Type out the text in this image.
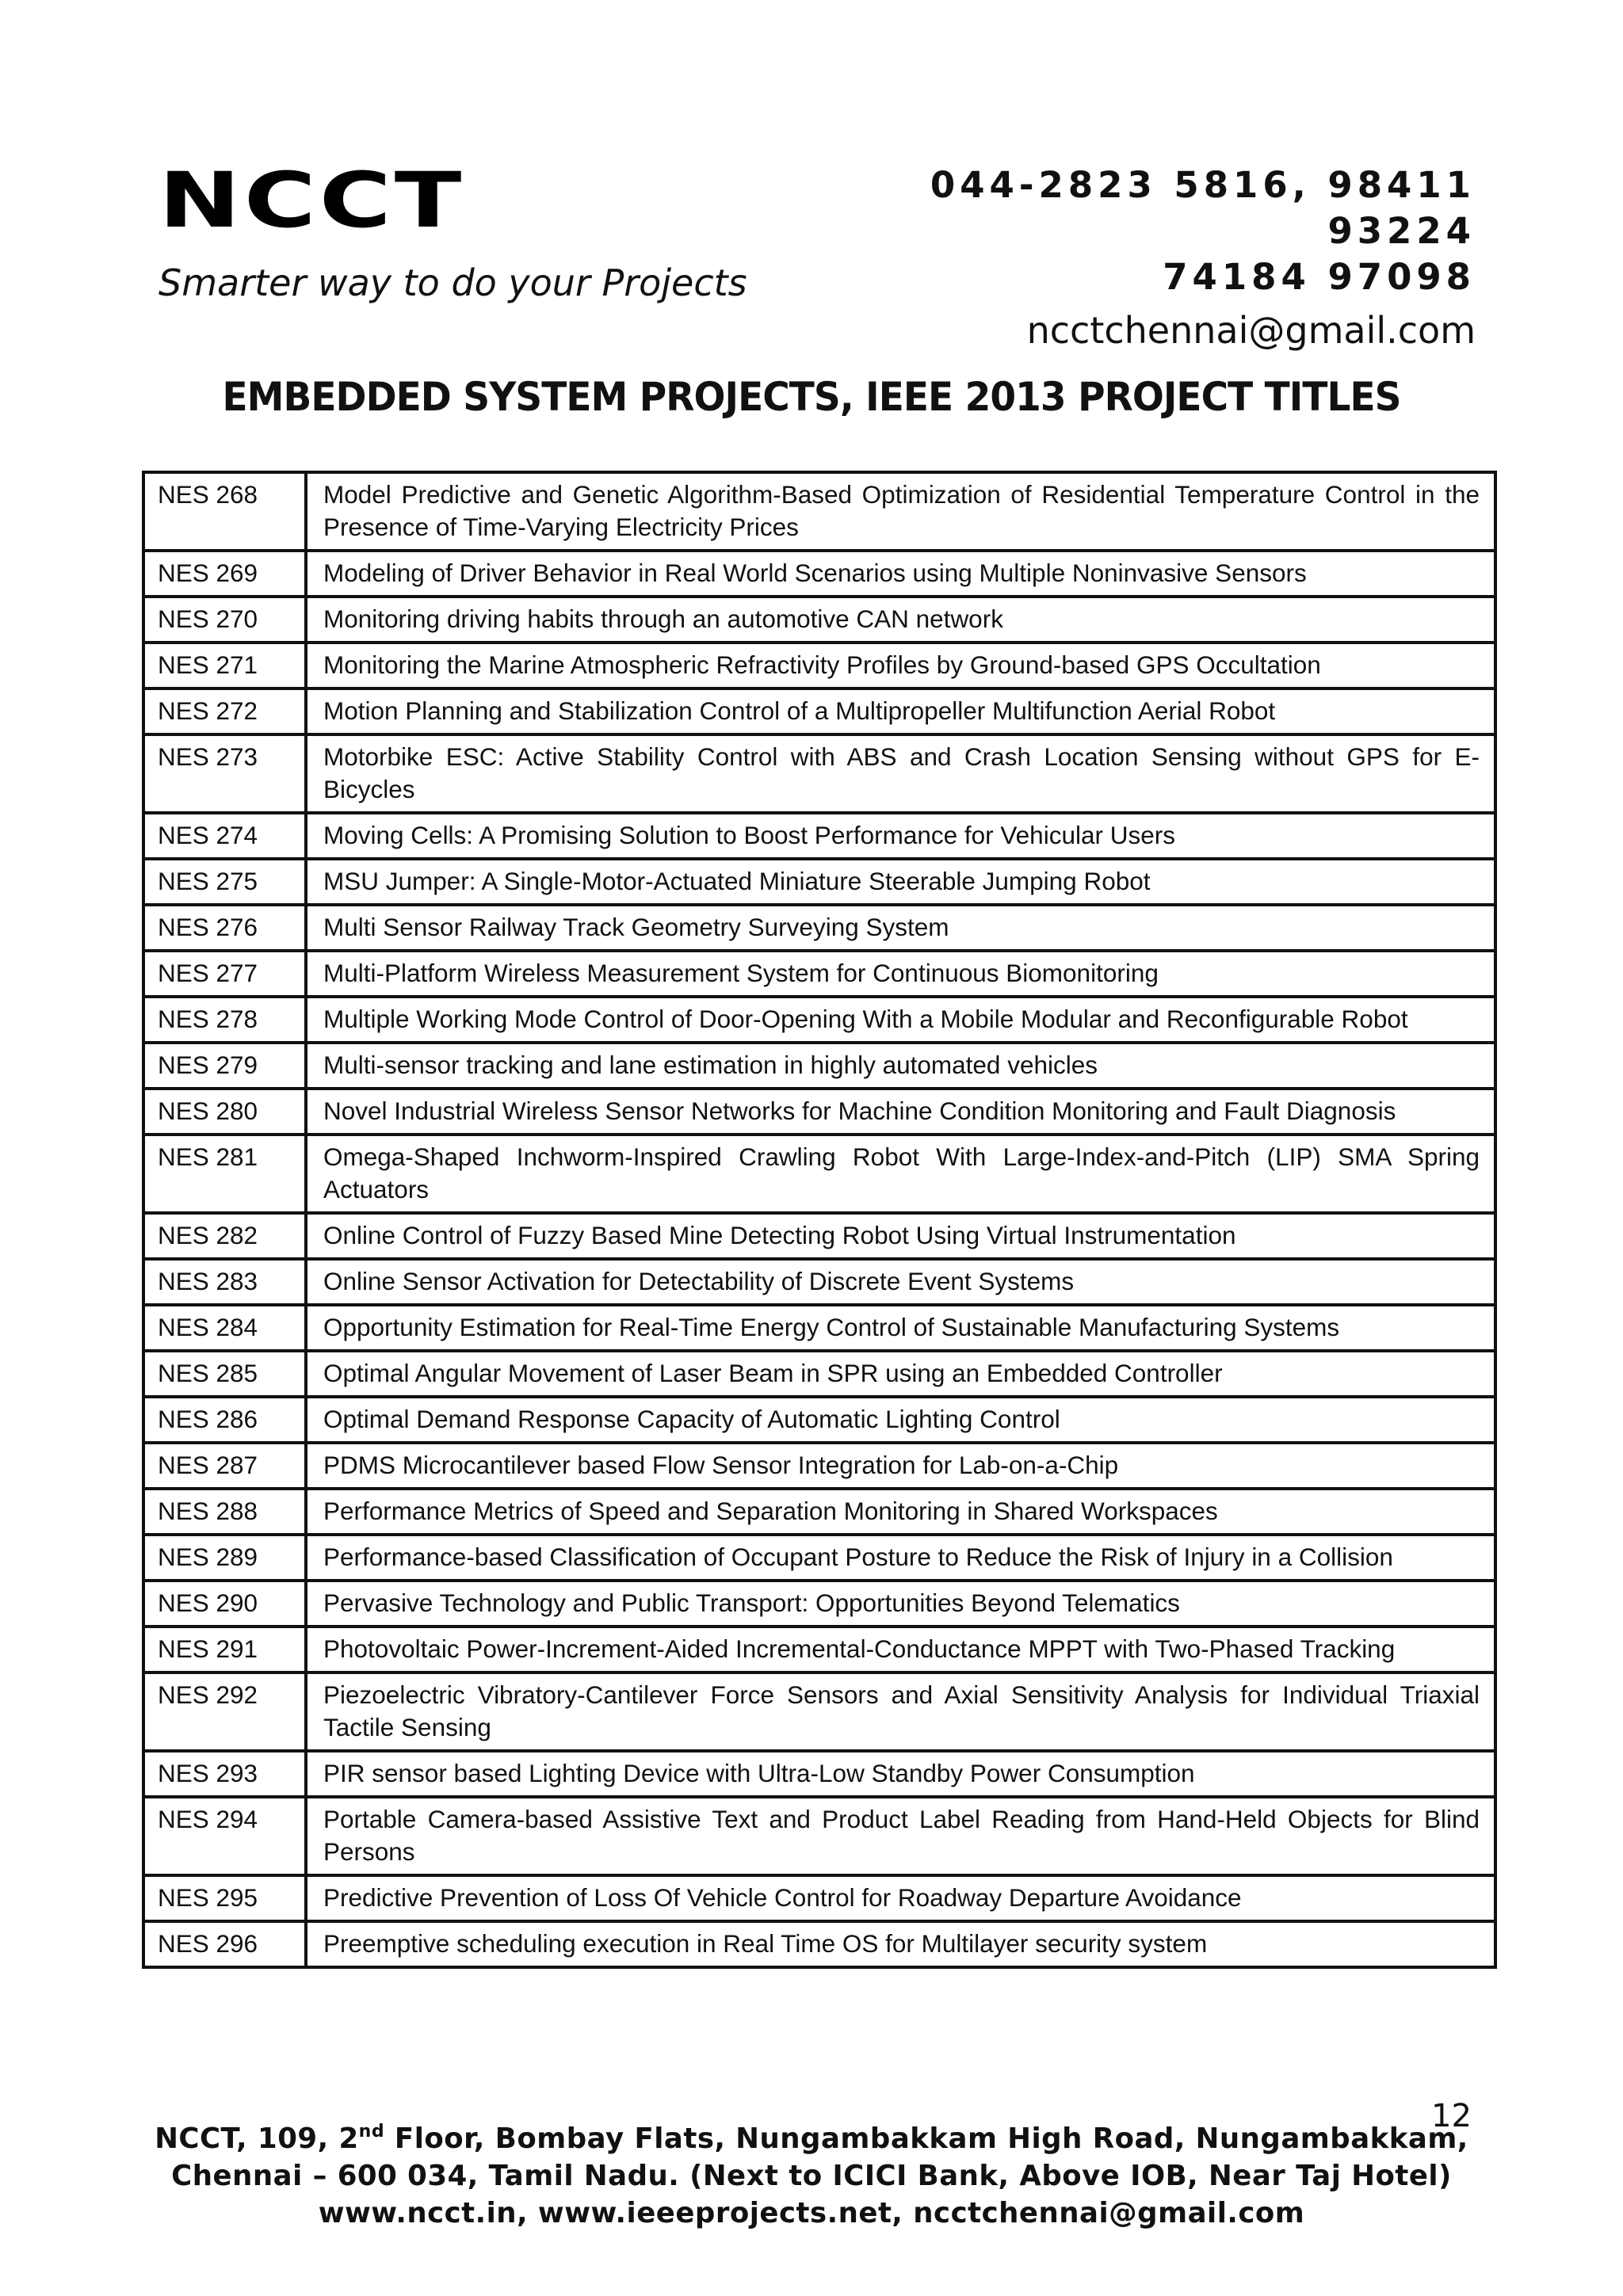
NCCT
Smarter way to do your Projects
044-2823 5816, 98411
93224
74184 97098
ncctchennai@gmail.com
EMBEDDED SYSTEM PROJECTS, IEEE 2013 PROJECT TITLES
NES 268	Model Predictive and Genetic Algorithm-Based Optimization of Residential Temperature Control in the Presence of Time-Varying Electricity Prices
NES 269	Modeling of Driver Behavior in Real World Scenarios using Multiple Noninvasive Sensors
NES 270	Monitoring driving habits through an automotive CAN network
NES 271	Monitoring the Marine Atmospheric Refractivity Profiles by Ground-based GPS Occultation
NES 272	Motion Planning and Stabilization Control of a Multipropeller Multifunction Aerial Robot
NES 273	Motorbike ESC: Active Stability Control with ABS and Crash Location Sensing without GPS for E-Bicycles
NES 274	Moving Cells: A Promising Solution to Boost Performance for Vehicular Users
NES 275	MSU Jumper: A Single-Motor-Actuated Miniature Steerable Jumping Robot
NES 276	Multi Sensor Railway Track Geometry Surveying System
NES 277	Multi-Platform Wireless Measurement System for Continuous Biomonitoring
NES 278	Multiple Working Mode Control of Door-Opening With a Mobile Modular and Reconfigurable Robot
NES 279	Multi-sensor tracking and lane estimation in highly automated vehicles
NES 280	Novel Industrial Wireless Sensor Networks for Machine Condition Monitoring and Fault Diagnosis
NES 281	Omega-Shaped Inchworm-Inspired Crawling Robot With Large-Index-and-Pitch (LIP) SMA Spring Actuators
NES 282	Online Control of Fuzzy Based Mine Detecting Robot Using Virtual Instrumentation
NES 283	Online Sensor Activation for Detectability of Discrete Event Systems
NES 284	Opportunity Estimation for Real-Time Energy Control of Sustainable Manufacturing Systems
NES 285	Optimal Angular Movement of Laser Beam in SPR using an Embedded Controller
NES 286	Optimal Demand Response Capacity of Automatic Lighting Control
NES 287	PDMS Microcantilever based Flow Sensor Integration for Lab-on-a-Chip
NES 288	Performance Metrics of Speed and Separation Monitoring in Shared Workspaces
NES 289	Performance-based Classification of Occupant Posture to Reduce the Risk of Injury in a Collision
NES 290	Pervasive Technology and Public Transport: Opportunities Beyond Telematics
NES 291	Photovoltaic Power-Increment-Aided Incremental-Conductance MPPT with Two-Phased Tracking
NES 292	Piezoelectric Vibratory-Cantilever Force Sensors and Axial Sensitivity Analysis for Individual Triaxial Tactile Sensing
NES 293	PIR sensor based Lighting Device with Ultra-Low Standby Power Consumption
NES 294	Portable Camera-based Assistive Text and Product Label Reading from Hand-Held Objects for Blind Persons
NES 295	Predictive Prevention of Loss Of Vehicle Control for Roadway Departure Avoidance
NES 296	Preemptive scheduling execution in Real Time OS for Multilayer security system
NCCT, 109, 2nd Floor, Bombay Flats, Nungambakkam High Road, Nungambakkam,
Chennai – 600 034, Tamil Nadu. (Next to ICICI Bank, Above IOB, Near Taj Hotel)
www.ncct.in, www.ieeeprojects.net, ncctchennai@gmail.com
12
